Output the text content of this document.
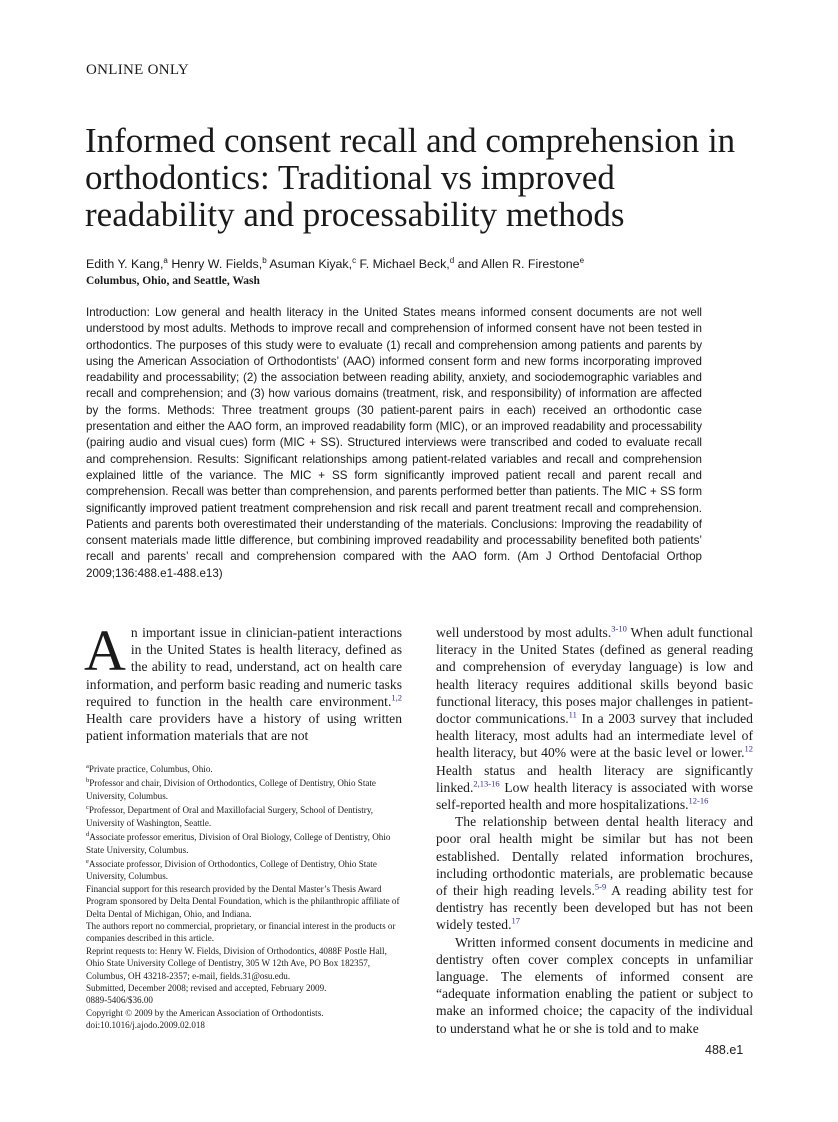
ONLINE ONLY
Informed consent recall and comprehension in orthodontics: Traditional vs improved readability and processability methods
Edith Y. Kang,$^a$ Henry W. Fields,$^b$ Asuman Kiyak,$^c$ F. Michael Beck,$^d$ and Allen R. Firestone$^e$
Columbus, Ohio, and Seattle, Wash
Introduction: Low general and health literacy in the United States means informed consent documents are not well understood by most adults. Methods to improve recall and comprehension of informed consent have not been tested in orthodontics. The purposes of this study were to evaluate (1) recall and comprehension among patients and parents by using the American Association of Orthodontists’ (AAO) informed consent form and new forms incorporating improved readability and processability; (2) the association between reading ability, anxiety, and sociodemographic variables and recall and comprehension; and (3) how various domains (treatment, risk, and responsibility) of information are affected by the forms. Methods: Three treatment groups (30 patient-parent pairs in each) received an orthodontic case presentation and either the AAO form, an improved readability form (MIC), or an improved readability and processability (pairing audio and visual cues) form (MIC + SS). Structured interviews were transcribed and coded to evaluate recall and comprehension. Results: Significant relationships among patient-related variables and recall and comprehension explained little of the variance. The MIC + SS form significantly improved patient recall and parent recall and comprehension. Recall was better than comprehension, and parents performed better than patients. The MIC + SS form significantly improved patient treatment comprehension and risk recall and parent treatment recall and comprehension. Patients and parents both overestimated their understanding of the materials. Conclusions: Improving the readability of consent materials made little difference, but combining improved readability and processability benefited both patients’ recall and parents’ recall and comprehension compared with the AAO form. (Am J Orthod Dentofacial Orthop 2009;136:488.e1-488.e13)

An important issue in clinician-patient interactions in the United States is health literacy, defined as the ability to read, understand, act on health care information, and perform basic reading and numeric tasks required to function in the health care environment.$^{1,2}$ Health care providers have a history of using written patient information materials that are not

$^a$Private practice, Columbus, Ohio.
$^b$Professor and chair, Division of Orthodontics, College of Dentistry, Ohio State University, Columbus.
$^c$Professor, Department of Oral and Maxillofacial Surgery, School of Dentistry, University of Washington, Seattle.
$^d$Associate professor emeritus, Division of Oral Biology, College of Dentistry, Ohio State University, Columbus.
$^e$Associate professor, Division of Orthodontics, College of Dentistry, Ohio State University, Columbus.
Financial support for this research provided by the Dental Master’s Thesis Award Program sponsored by Delta Dental Foundation, which is the philanthropic affiliate of Delta Dental of Michigan, Ohio, and Indiana.
The authors report no commercial, proprietary, or financial interest in the products or companies described in this article.
Reprint requests to: Henry W. Fields, Division of Orthodontics, 4088F Postle Hall, Ohio State University College of Dentistry, 305 W 12th Ave, PO Box 182357, Columbus, OH 43218-2357; e-mail, fields.31@osu.edu.
Submitted, December 2008; revised and accepted, February 2009.
0889-5406/$36.00
Copyright © 2009 by the American Association of Orthodontists.
doi:10.1016/j.ajodo.2009.02.018

well understood by most adults.$^{3-10}$ When adult functional literacy in the United States (defined as general reading and comprehension of everyday language) is low and health literacy requires additional skills beyond basic functional literacy, this poses major challenges in patient-doctor communications.$^{11}$ In a 2003 survey that included health literacy, most adults had an intermediate level of health literacy, but 40% were at the basic level or lower.$^{12}$ Health status and health literacy are significantly linked.$^{2,13-16}$ Low health literacy is associated with worse self-reported health and more hospitalizations.$^{12-16}$

The relationship between dental health literacy and poor oral health might be similar but has not been established. Dentally related information brochures, including orthodontic materials, are problematic because of their high reading levels.$^{5-9}$ A reading ability test for dentistry has recently been developed but has not been widely tested.$^{17}$

Written informed consent documents in medicine and dentistry often cover complex concepts in unfamiliar language. The elements of informed consent are “adequate information enabling the patient or subject to make an informed choice; the capacity of the individual to understand what he or she is told and to make

488.e1
